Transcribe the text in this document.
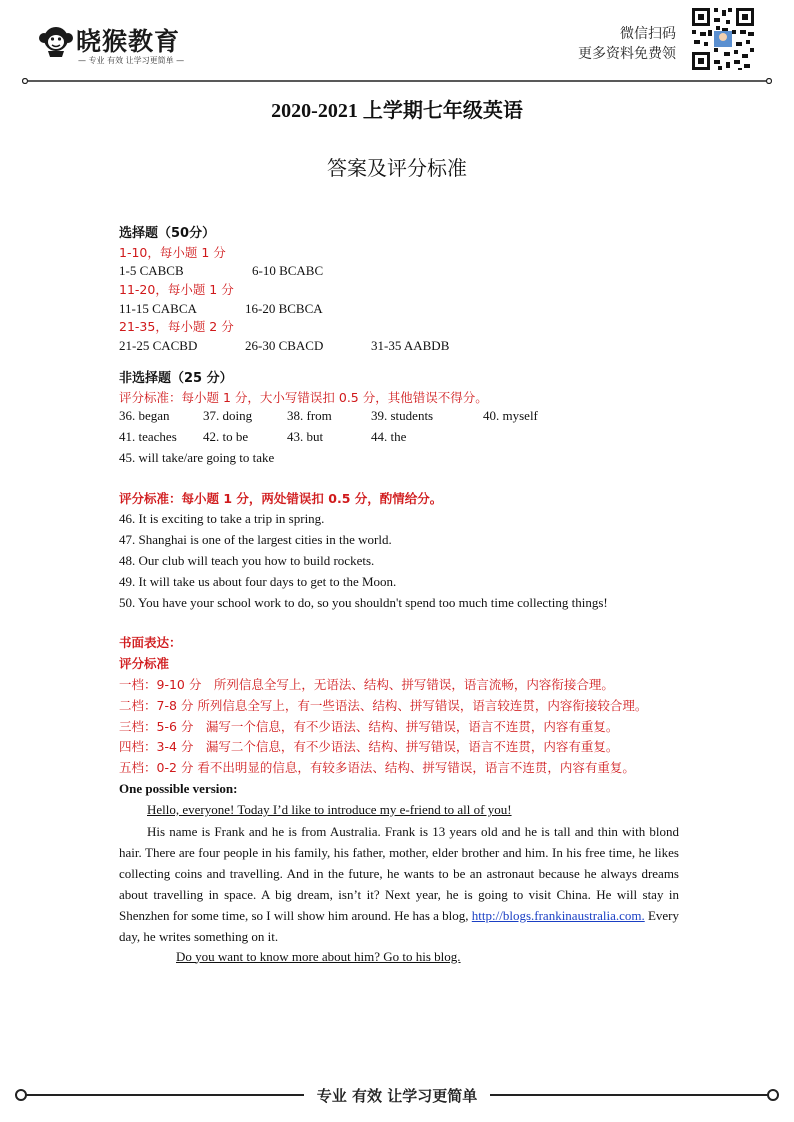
晓猴教育
— 专业 有效 让学习更简单 —
微信扫码
更多资料免费领
2020-2021 上学期七年级英语
答案及评分标准
选择题（50分）
1-10，每小题 1 分
1-5 CABCB	6-10 BCABC
11-20，每小题 1 分
11-15 CABCA	16-20 BCBCA
21-35，每小题 2 分
21-25 CACBD	26-30 CBACD	31-35 AABDB
非选择题（25 分）
评分标准：每小题 1 分，大小写错误扣 0.5 分，其他错误不得分。
36. began	37. doing	38. from	39. students	40. myself
41. teaches 42. to be	43. but	44. the
45. will take/are going to take
评分标准：每小题 1 分，两处错误扣 0.5 分，酌情给分。
46. It is exciting to take a trip in spring.
47. Shanghai is one of the largest cities in the world.
48. Our club will teach you how to build rockets.
49. It will take us about four days to get to the Moon.
50. You have your school work to do, so you shouldn't spend too much time collecting things!
书面表达：
评分标准
一档：9-10 分　所列信息全写上，无语法、结构、拼写错误，语言流畅，内容衔接合理。
二档：7-8 分 所列信息全写上，有一些语法、结构、拼写错误，语言较连贯，内容衔接较合理。
三档：5-6 分　漏写一个信息，有不少语法、结构、拼写错误，语言不连贯，内容有重复。
四档：3-4 分　漏写二个信息，有不少语法、结构、拼写错误，语言不连贯，内容有重复。
五档：0-2 分 看不出明显的信息，有较多语法、结构、拼写错误，语言不连贯，内容有重复。
One possible version:
Hello, everyone! Today I’d like to introduce my e-friend to all of you!
His name is Frank and he is from Australia. Frank is 13 years old and he is tall and thin with blond hair. There are four people in his family, his father, mother, elder brother and him. In his free time, he likes collecting coins and travelling. And in the future, he wants to be an astronaut because he always dreams about travelling in space. A big dream, isn’t it? Next year, he is going to visit China. He will stay in Shenzhen for some time, so I will show him around. He has a blog, http://blogs.frankinaustralia.com. Every day, he writes something on it.
Do you want to know more about him? Go to his blog.
专业 有效 让学习更简单
